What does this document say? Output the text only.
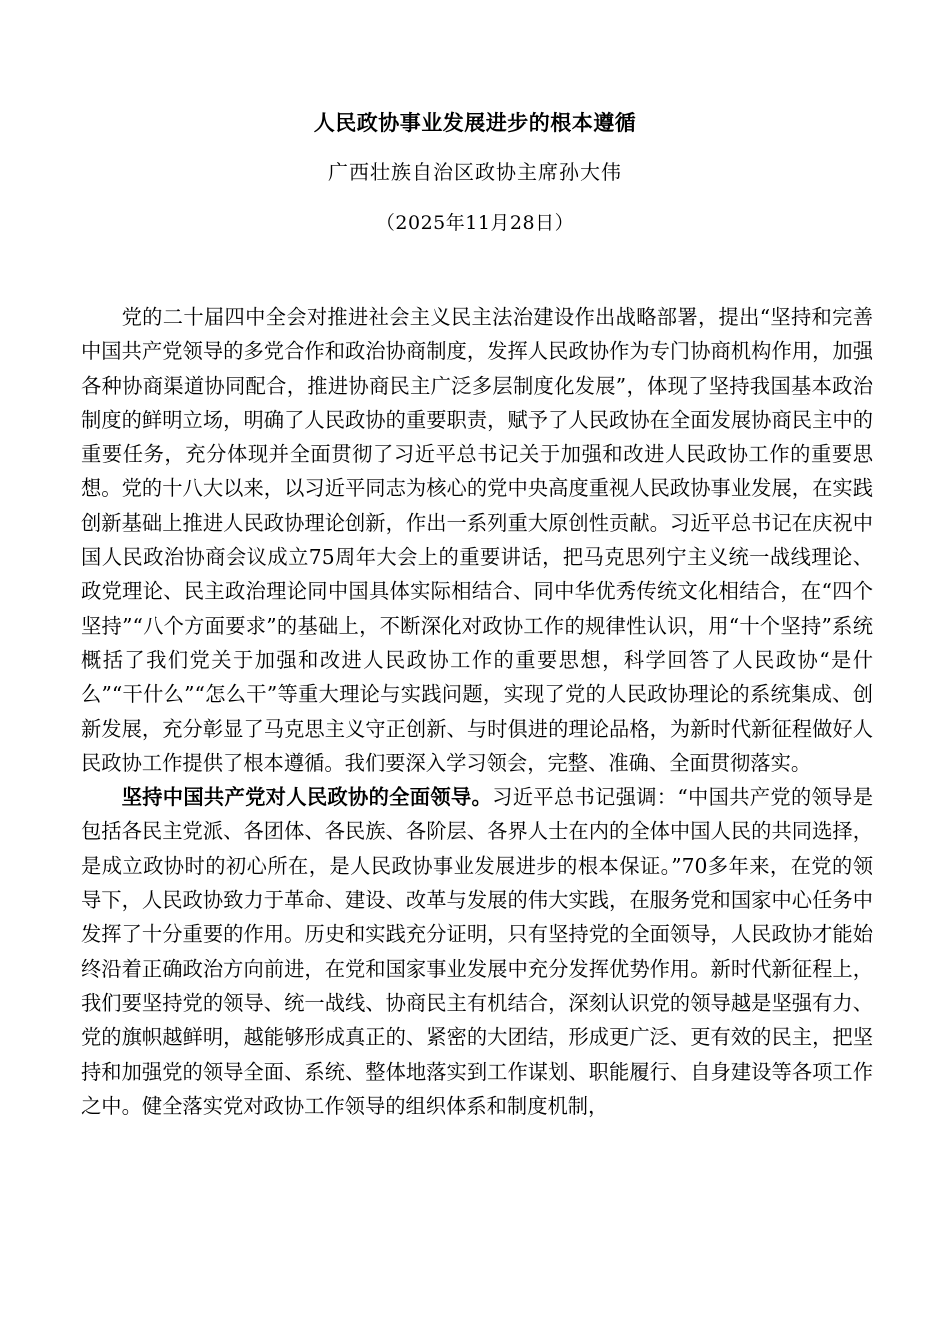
人民政协事业发展进步的根本遵循
广西壮族自治区政协主席孙大伟
（2025年11月28日）

党的二十届四中全会对推进社会主义民主法治建设作出战略部署，提出“坚持和完善中国共产党领导的多党合作和政治协商制度，发挥人民政协作为专门协商机构作用，加强各种协商渠道协同配合，推进协商民主广泛多层制度化发展”，体现了坚持我国基本政治制度的鲜明立场，明确了人民政协的重要职责，赋予了人民政协在全面发展协商民主中的重要任务，充分体现并全面贯彻了习近平总书记关于加强和改进人民政协工作的重要思想。党的十八大以来，以习近平同志为核心的党中央高度重视人民政协事业发展，在实践创新基础上推进人民政协理论创新，作出一系列重大原创性贡献。习近平总书记在庆祝中国人民政治协商会议成立75周年大会上的重要讲话，把马克思列宁主义统一战线理论、政党理论、民主政治理论同中国具体实际相结合、同中华优秀传统文化相结合，在“四个坚持”“八个方面要求”的基础上，不断深化对政协工作的规律性认识，用“十个坚持”系统概括了我们党关于加强和改进人民政协工作的重要思想，科学回答了人民政协“是什么”“干什么”“怎么干”等重大理论与实践问题，实现了党的人民政协理论的系统集成、创新发展，充分彰显了马克思主义守正创新、与时俱进的理论品格，为新时代新征程做好人民政协工作提供了根本遵循。我们要深入学习领会，完整、准确、全面贯彻落实。

坚持中国共产党对人民政协的全面领导。习近平总书记强调：“中国共产党的领导是包括各民主党派、各团体、各民族、各阶层、各界人士在内的全体中国人民的共同选择，是成立政协时的初心所在，是人民政协事业发展进步的根本保证。”70多年来，在党的领导下，人民政协致力于革命、建设、改革与发展的伟大实践，在服务党和国家中心任务中发挥了十分重要的作用。历史和实践充分证明，只有坚持党的全面领导，人民政协才能始终沿着正确政治方向前进，在党和国家事业发展中充分发挥优势作用。新时代新征程上，我们要坚持党的领导、统一战线、协商民主有机结合，深刻认识党的领导越是坚强有力、党的旗帜越鲜明，越能够形成真正的、紧密的大团结，形成更广泛、更有效的民主，把坚持和加强党的领导全面、系统、整体地落实到工作谋划、职能履行、自身建设等各项工作之中。健全落实党对政协工作领导的组织体系和制度机制，
